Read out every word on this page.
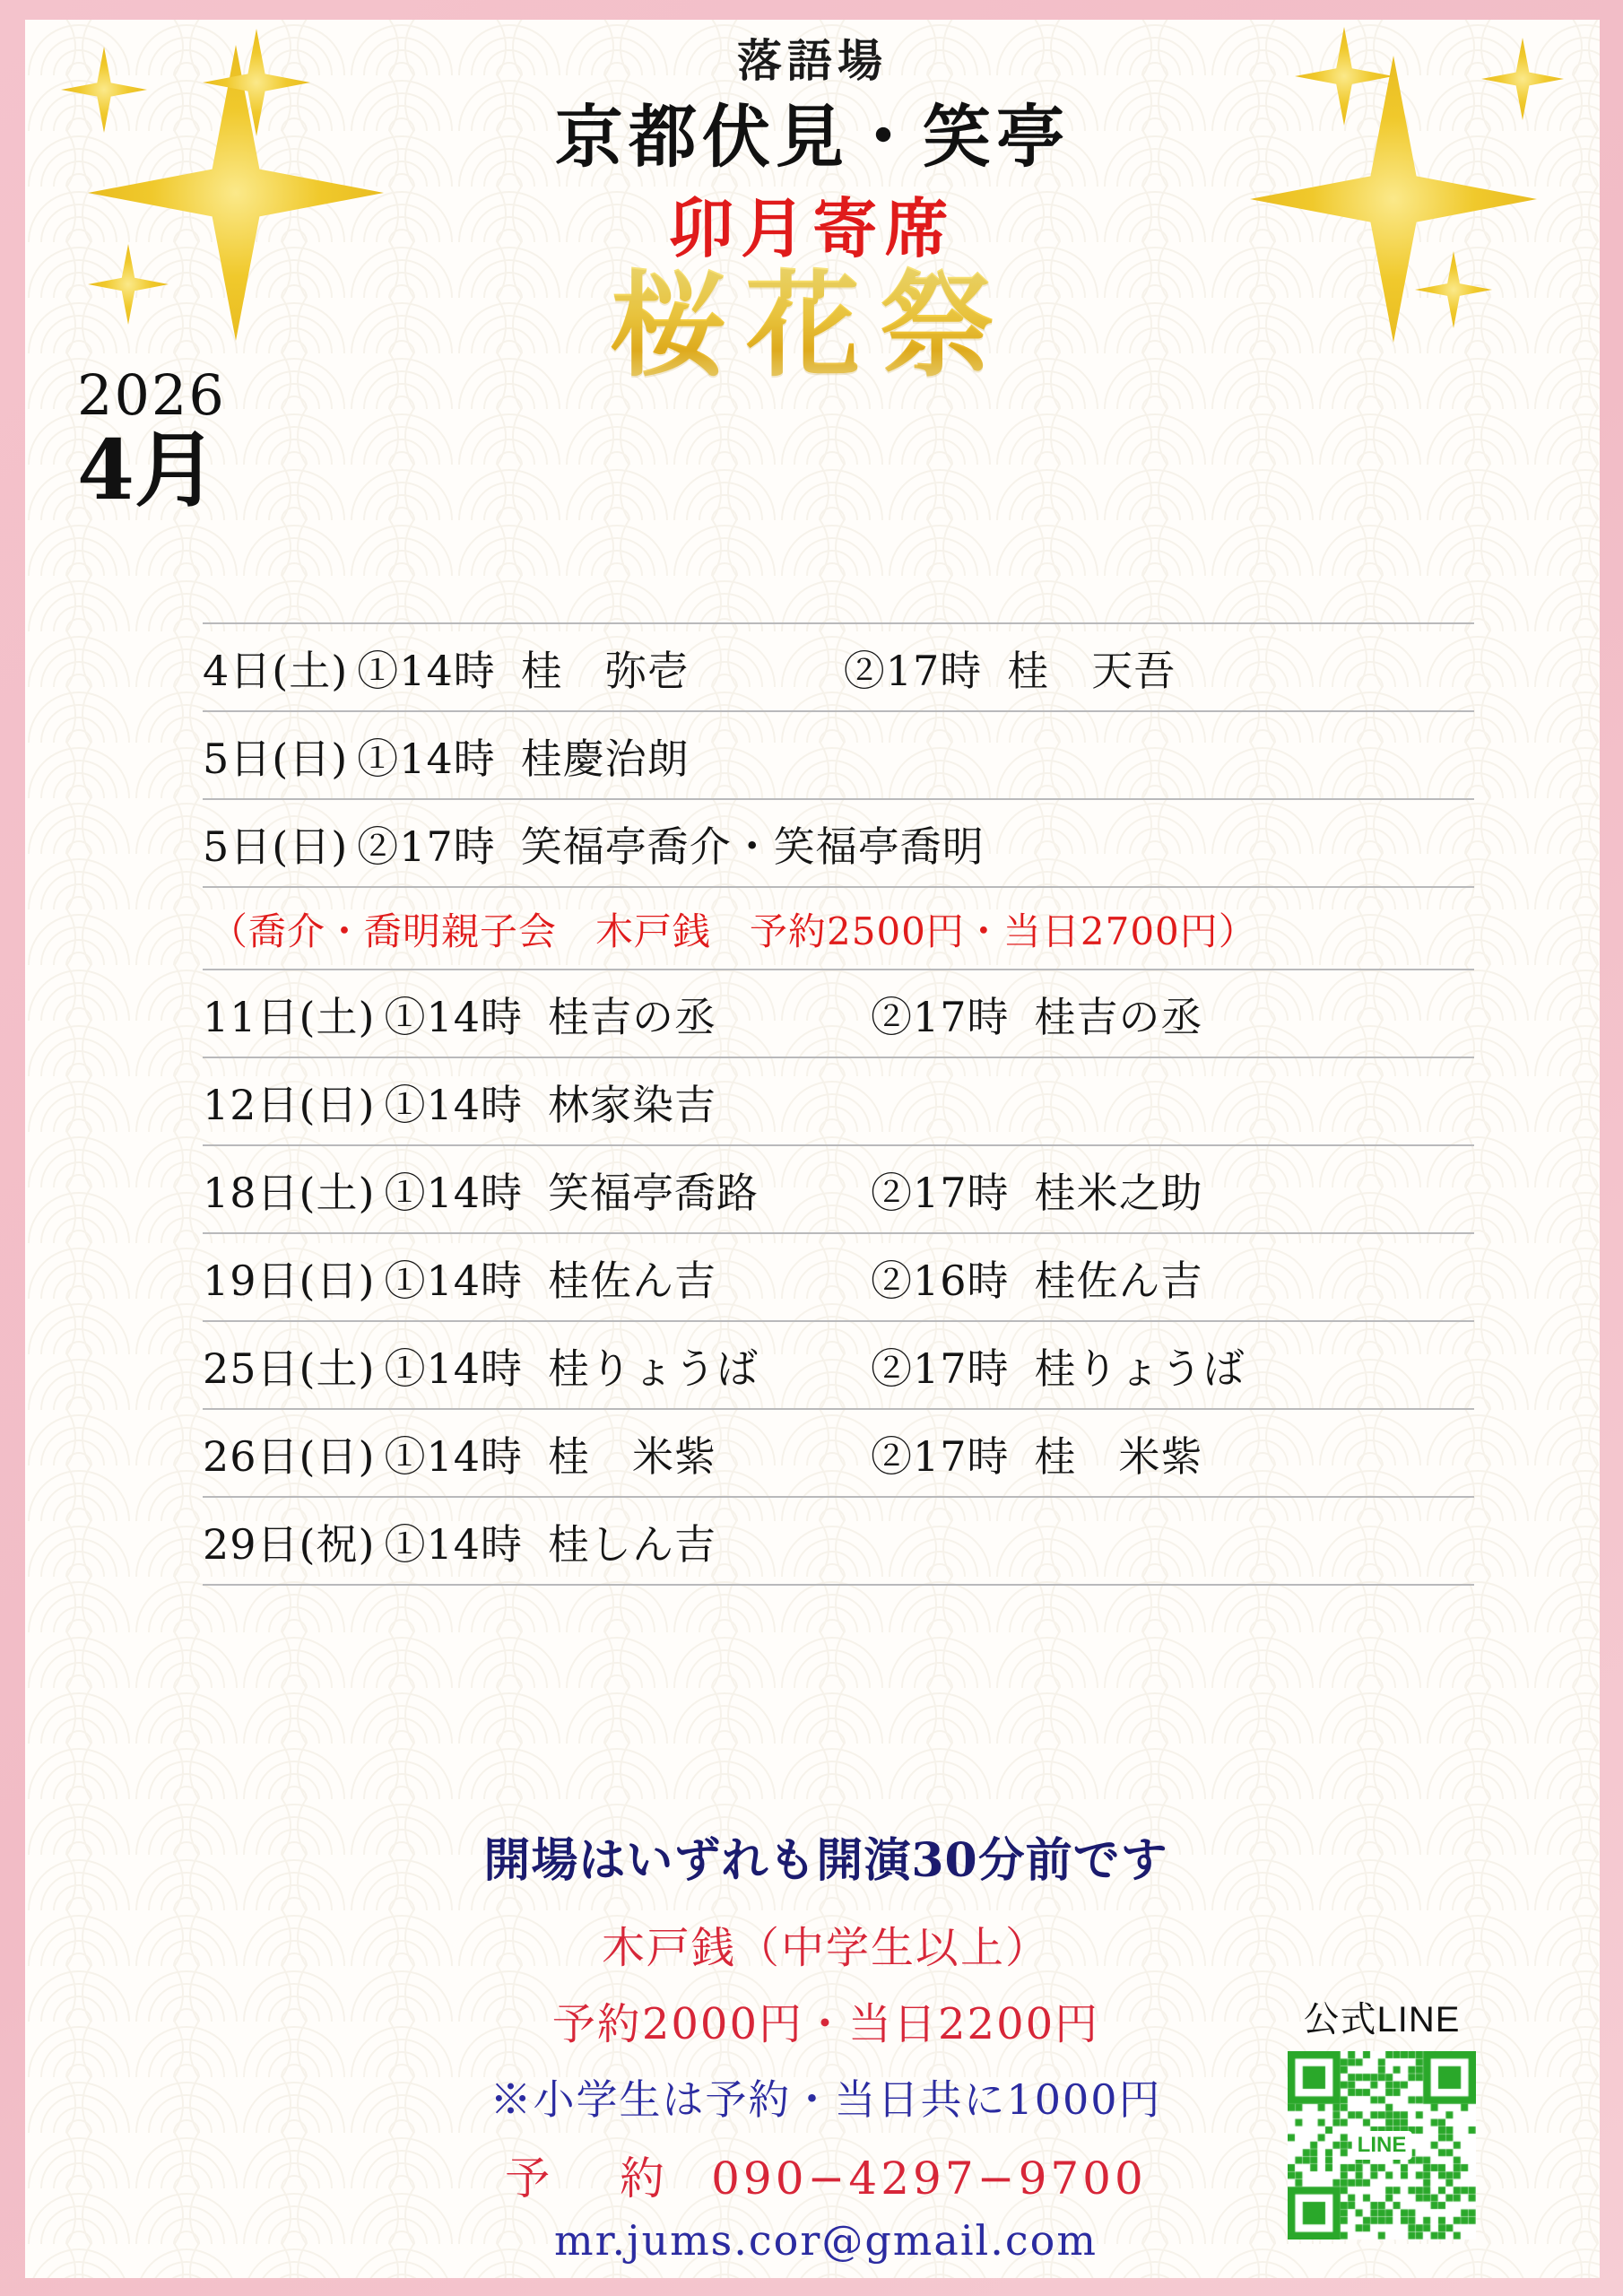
落語場
京都伏見・笑亭
卯月寄席
桜花祭
2026
4月
4日(土) ①14時 桂　弥壱	②17時 桂　天吾
5日(日) ①14時 桂慶治朗
5日(日) ②17時 笑福亭喬介・笑福亭喬明
（喬介・喬明親子会　木戸銭　予約2500円・当日2700円）
11日(土) ①14時 桂吉の丞	②17時 桂吉の丞
12日(日) ①14時 林家染吉
18日(土) ①14時 笑福亭喬路	②17時 桂米之助
19日(日) ①14時 桂佐ん吉	②16時 桂佐ん吉
25日(土) ①14時 桂りょうば	②17時 桂りょうば
26日(日) ①14時 桂　米紫	②17時 桂　米紫
29日(祝) ①14時 桂しん吉
開場はいずれも開演30分前です
木戸銭（中学生以上）
予約2000円・当日2200円
※小学生は予約・当日共に1000円
予　約 090−4297−9700
mr.jums.cor@gmail.com
公式LINE
LINE
